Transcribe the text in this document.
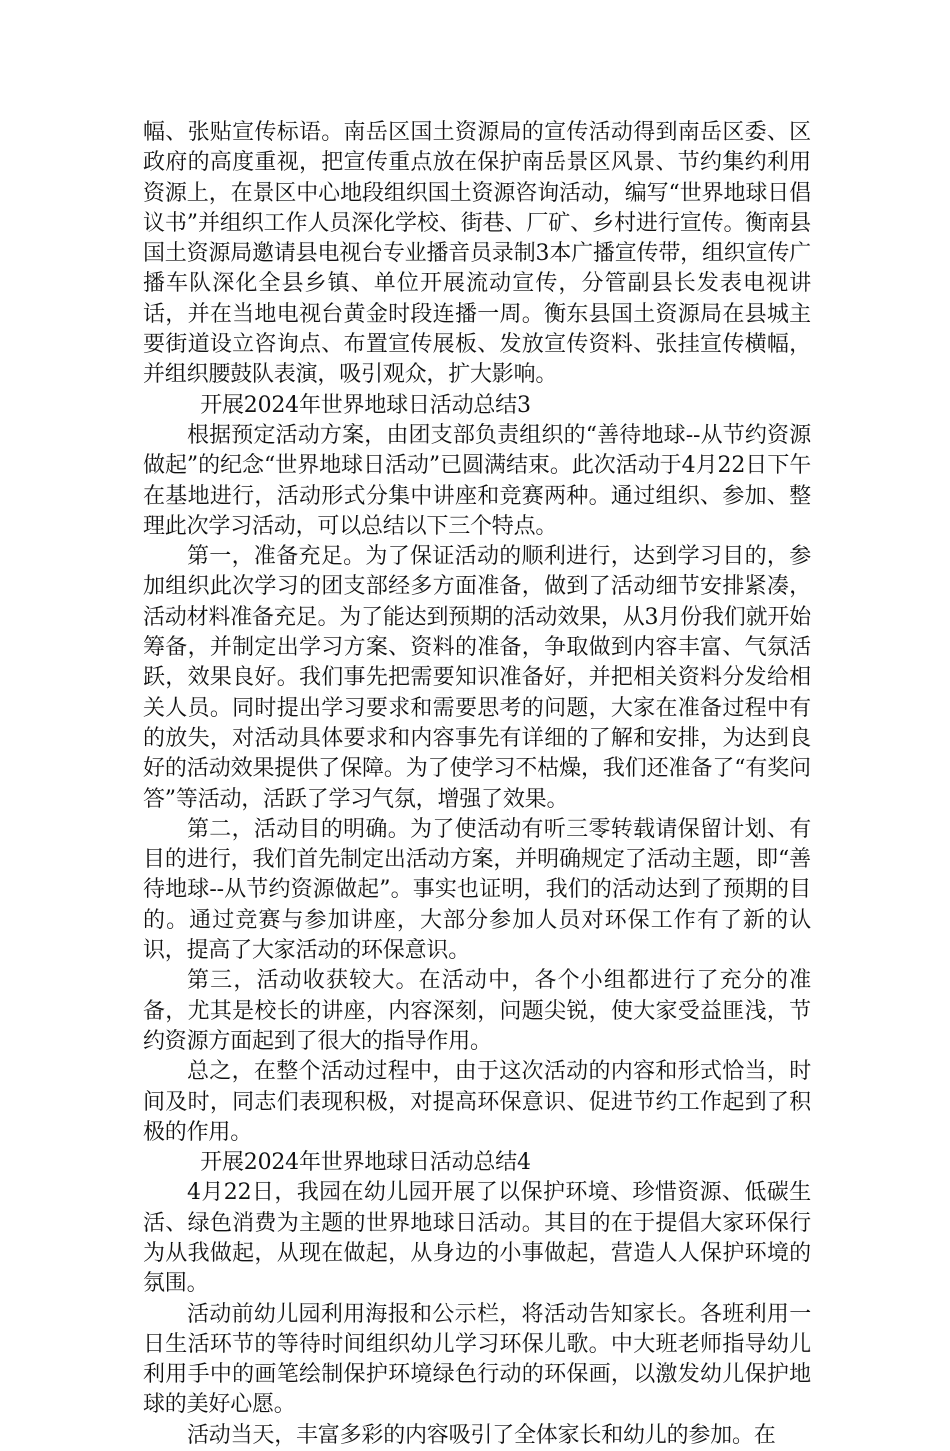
幅、张贴宣传标语。南岳区国土资源局的宣传活动得到南岳区委、区政府的高度重视，把宣传重点放在保护南岳景区风景、节约集约利用资源上，在景区中心地段组织国土资源咨询活动，编写“世界地球日倡议书”并组织工作人员深化学校、街巷、厂矿、乡村进行宣传。衡南县国土资源局邀请县电视台专业播音员录制3本广播宣传带，组织宣传广播车队深化全县乡镇、单位开展流动宣传，分管副县长发表电视讲话，并在当地电视台黄金时段连播一周。衡东县国土资源局在县城主要街道设立咨询点、布置宣传展板、发放宣传资料、张挂宣传横幅，并组织腰鼓队表演，吸引观众，扩大影响。

开展2024年世界地球日活动总结3

根据预定活动方案，由团支部负责组织的“善待地球--从节约资源做起”的纪念“世界地球日活动”已圆满结束。此次活动于4月22日下午在基地进行，活动形式分集中讲座和竞赛两种。通过组织、参加、整理此次学习活动，可以总结以下三个特点。

第一，准备充足。为了保证活动的顺利进行，达到学习目的，参加组织此次学习的团支部经多方面准备，做到了活动细节安排紧凑，活动材料准备充足。为了能达到预期的活动效果，从3月份我们就开始筹备，并制定出学习方案、资料的准备，争取做到内容丰富、气氛活跃，效果良好。我们事先把需要知识准备好，并把相关资料分发给相关人员。同时提出学习要求和需要思考的问题，大家在准备过程中有的放失，对活动具体要求和内容事先有详细的了解和安排，为达到良好的活动效果提供了保障。为了使学习不枯燥，我们还准备了“有奖问答”等活动，活跃了学习气氛，增强了效果。

第二，活动目的明确。为了使活动有听三零转载请保留计划、有目的进行，我们首先制定出活动方案，并明确规定了活动主题，即“善待地球--从节约资源做起”。事实也证明，我们的活动达到了预期的目的。通过竞赛与参加讲座，大部分参加人员对环保工作有了新的认识，提高了大家活动的环保意识。

第三，活动收获较大。在活动中，各个小组都进行了充分的准备，尤其是校长的讲座，内容深刻，问题尖锐，使大家受益匪浅，节约资源方面起到了很大的指导作用。

总之，在整个活动过程中，由于这次活动的内容和形式恰当，时间及时，同志们表现积极，对提高环保意识、促进节约工作起到了积极的作用。

开展2024年世界地球日活动总结4

4月22日，我园在幼儿园开展了以保护环境、珍惜资源、低碳生活、绿色消费为主题的世界地球日活动。其目的在于提倡大家环保行为从我做起，从现在做起，从身边的小事做起，营造人人保护环境的氛围。

活动前幼儿园利用海报和公示栏，将活动告知家长。各班利用一日生活环节的等待时间组织幼儿学习环保儿歌。中大班老师指导幼儿利用手中的画笔绘制保护环境绿色行动的环保画，以激发幼儿保护地球的美好心愿。

活动当天，丰富多彩的内容吸引了全体家长和幼儿的参加。在
